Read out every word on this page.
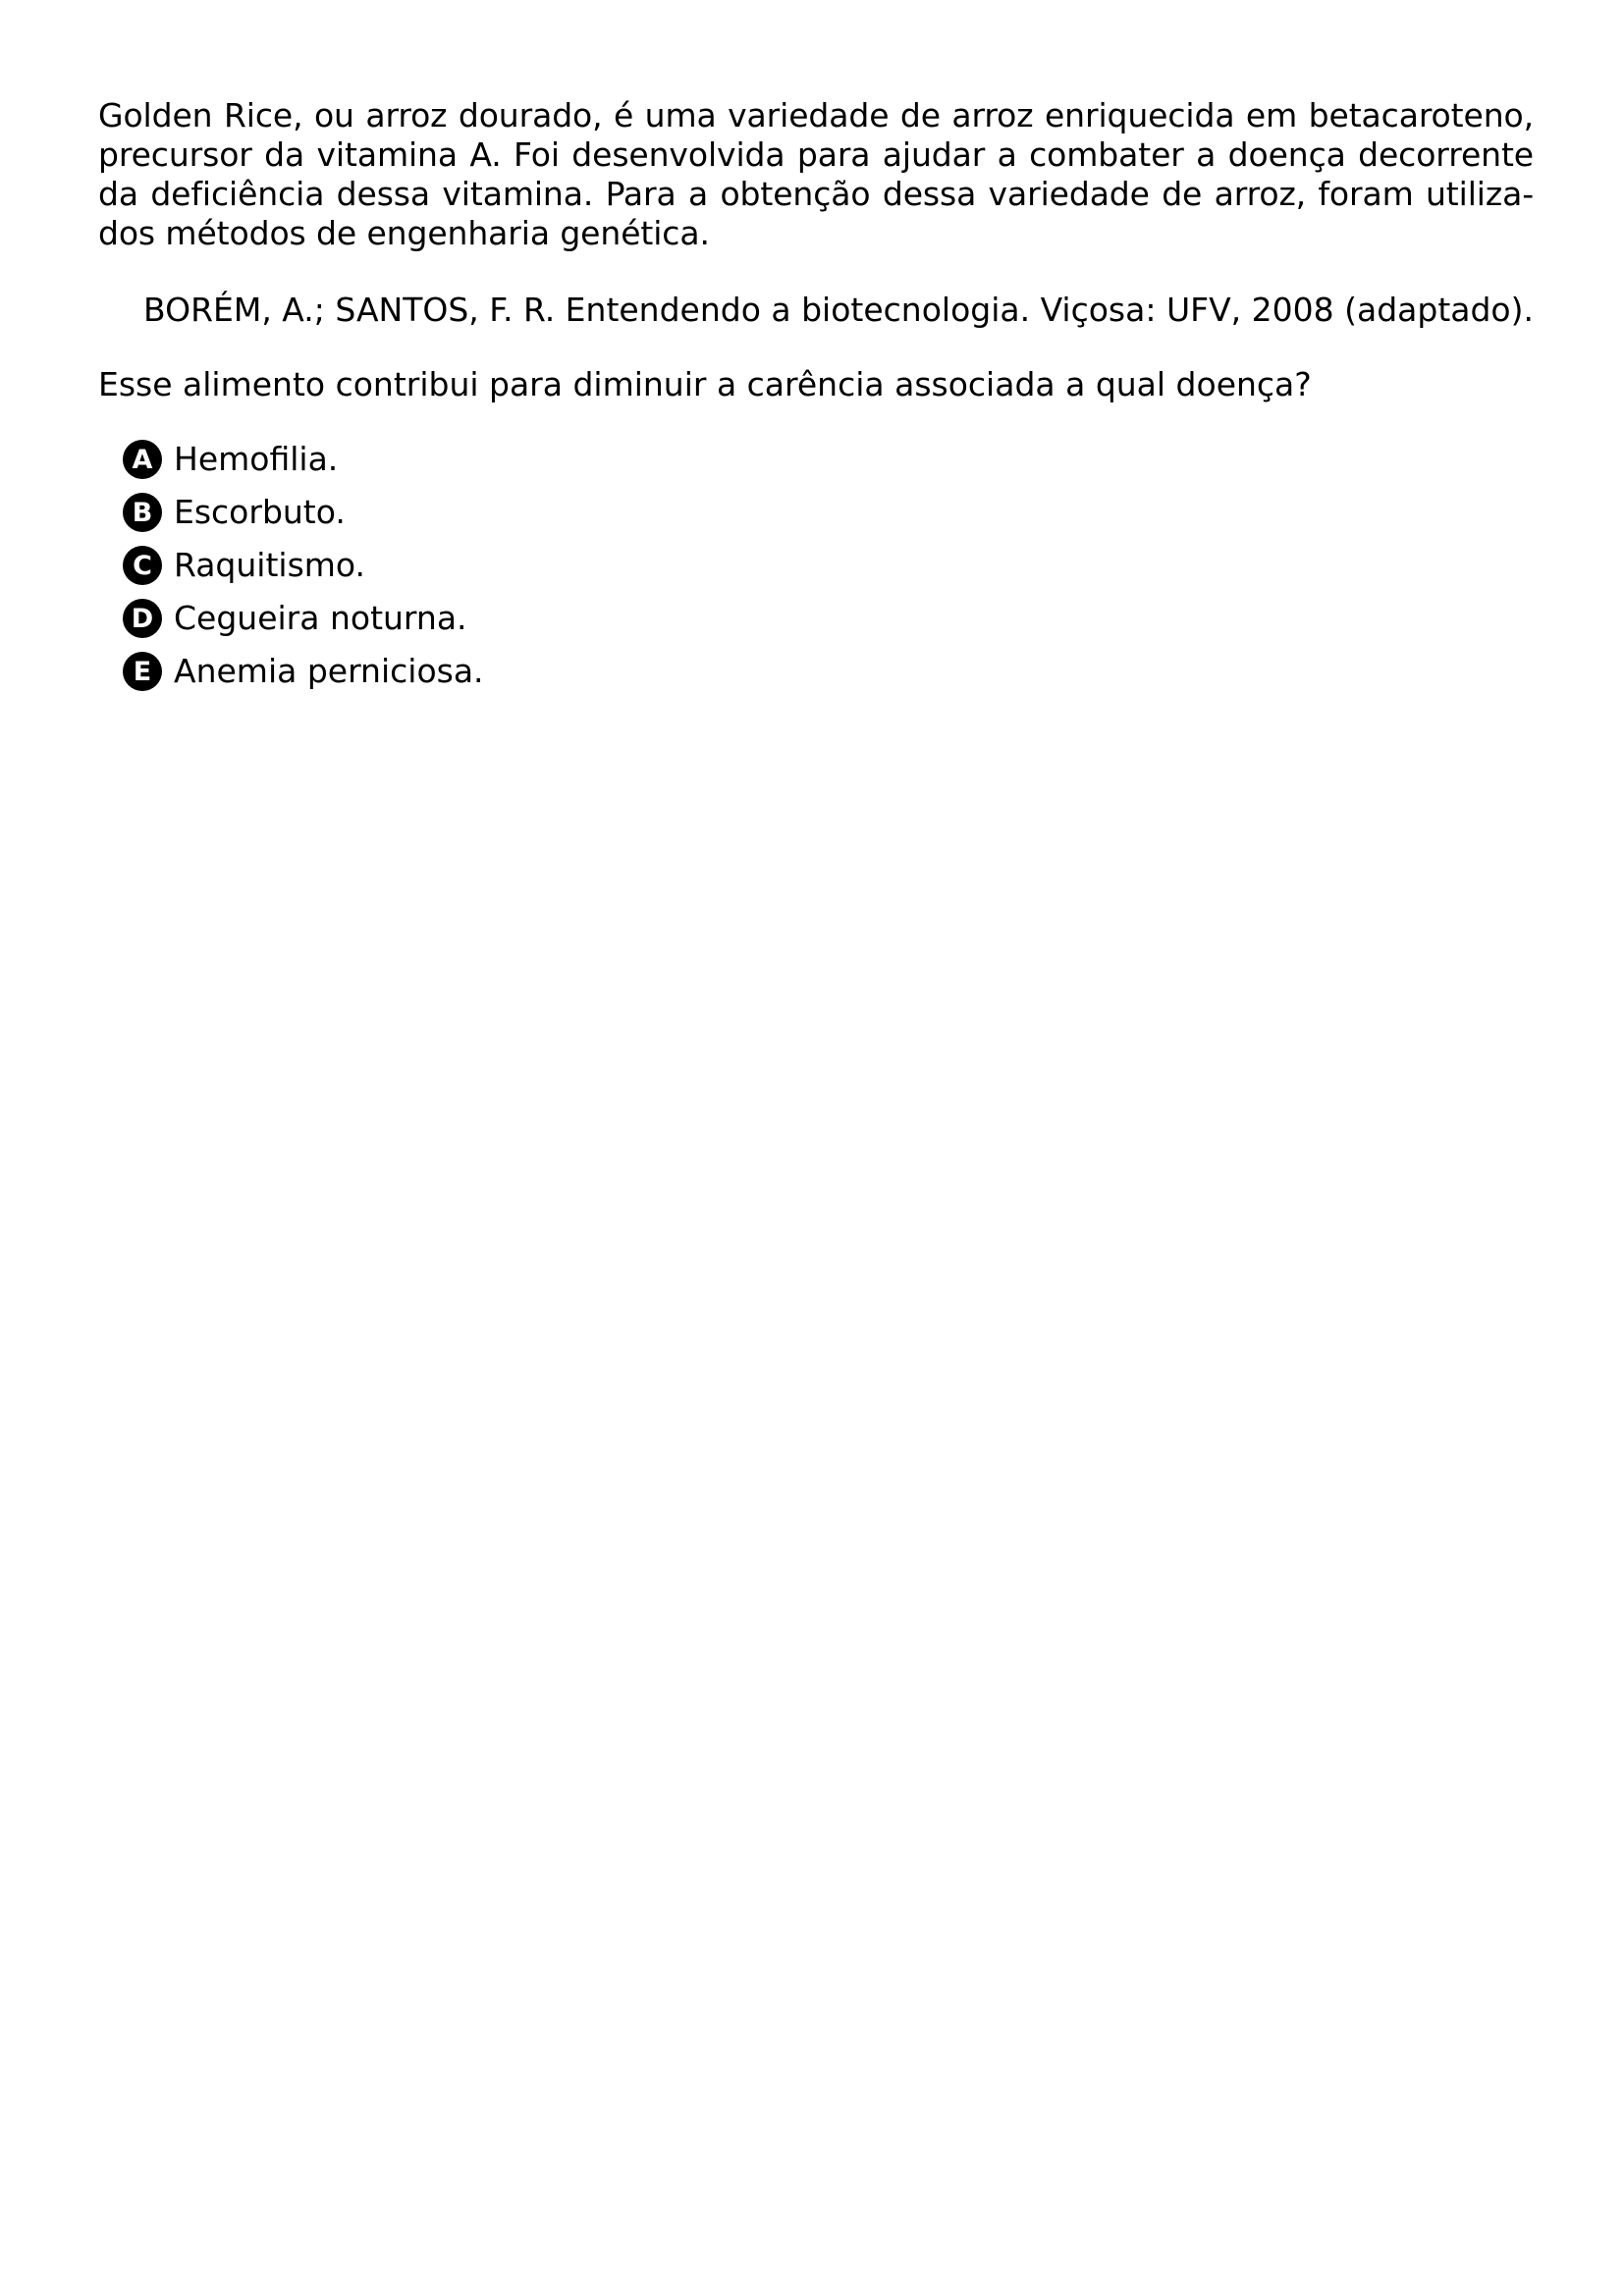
Golden Rice, ou arroz dourado, é uma variedade de arroz enriquecida em betacaroteno, precursor da vitamina A. Foi desenvolvida para ajudar a combater a doença decorrente da deficiência dessa vitamina. Para a obtenção dessa variedade de arroz, foram utiliza-dos métodos de engenharia genética.

BORÉM, A.; SANTOS, F. R. Entendendo a biotecnologia. Viçosa: UFV, 2008 (adaptado).

Esse alimento contribui para diminuir a carência associada a qual doença?

A Hemofilia.
B Escorbuto.
C Raquitismo.
D Cegueira noturna.
E Anemia perniciosa.
